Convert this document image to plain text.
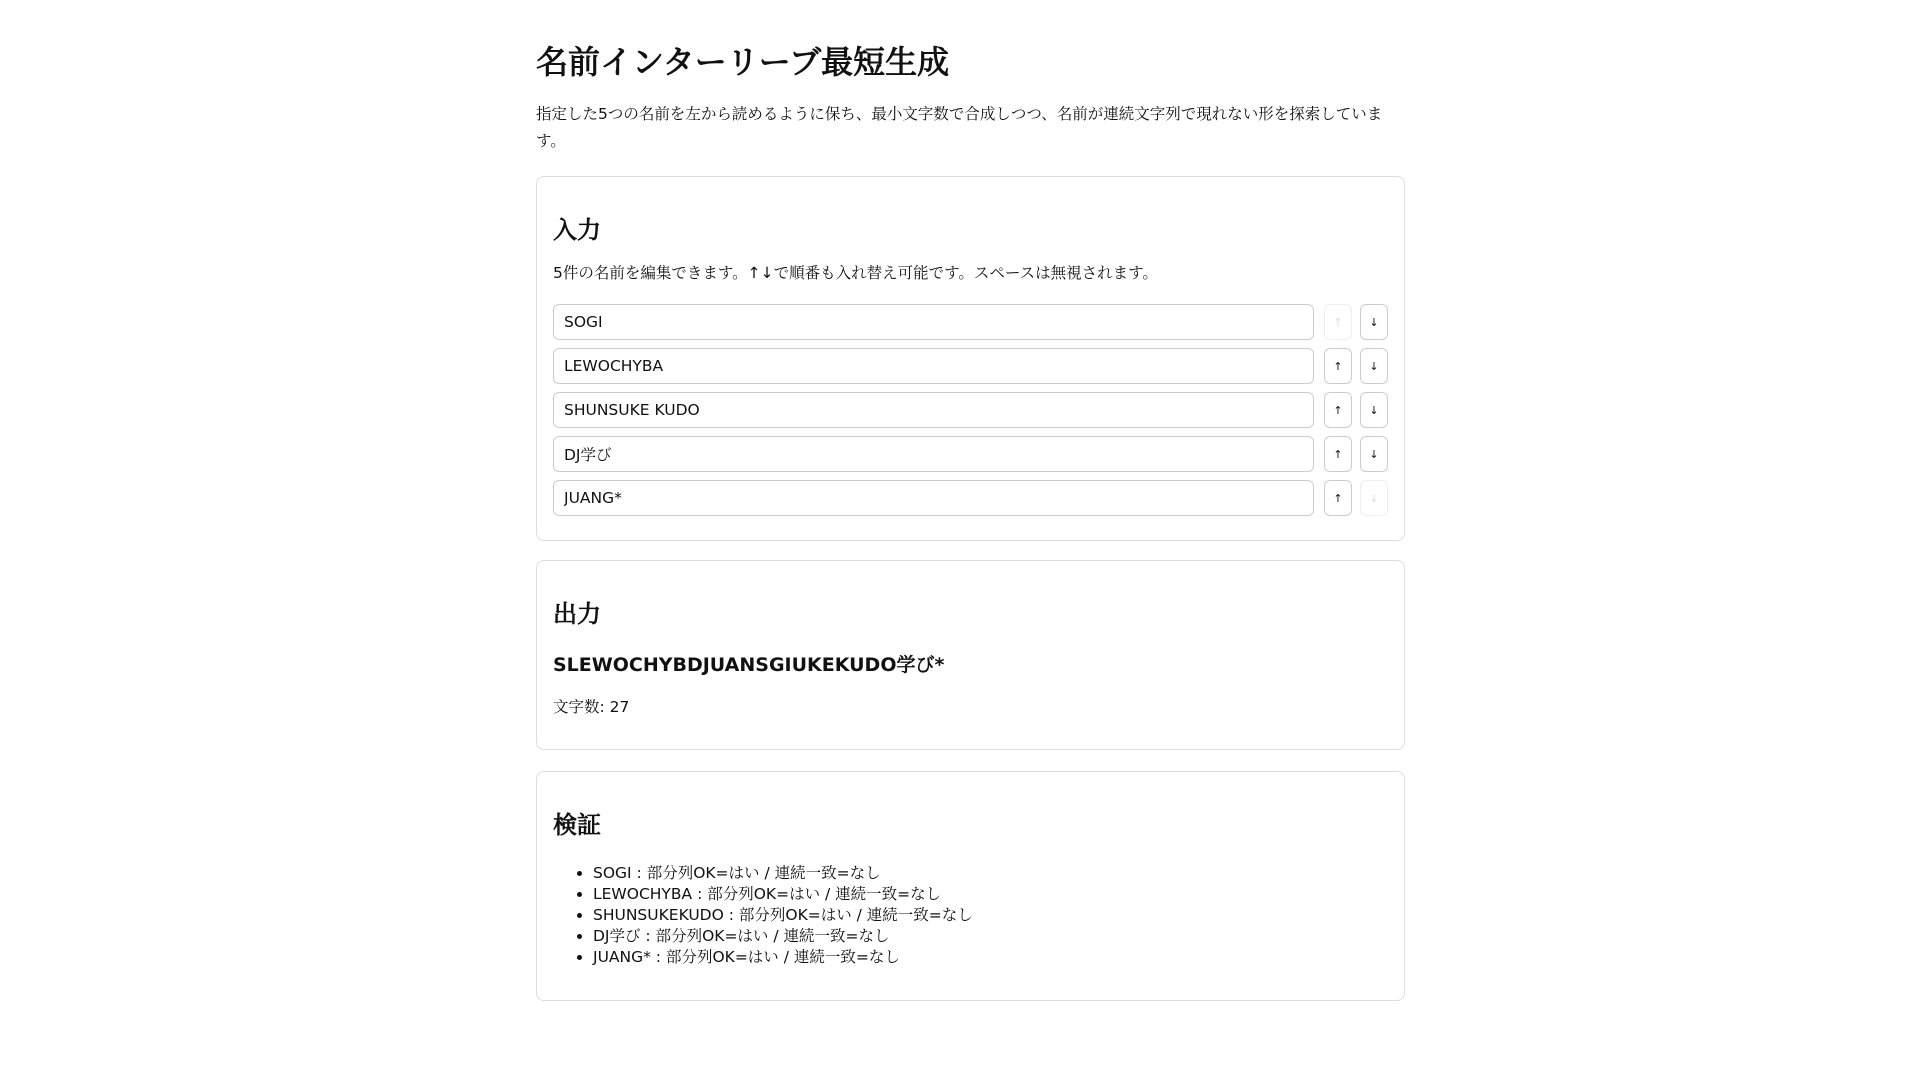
名前インターリーブ最短生成

指定した5つの名前を左から読めるように保ち、最小文字数で合成しつつ、名前が連続文字列で現れない形を探索しています。

入力

5件の名前を編集できます。↑↓で順番も入れ替え可能です。スペースは無視されます。

SOGI
↑	↓
LEWOCHYBA
↑	↓
SHUNSUKE KUDO
↑	↓
DJ学び
↑	↓
JUANG*
↑	↓
出力

SLEWOCHYBDJUANSGIUKEKUDO学び*

文字数: 27

検証
• SOGI : 部分列OK=はい / 連続一致=なし
• LEWOCHYBA : 部分列OK=はい / 連続一致=なし
• SHUNSUKEKUDO : 部分列OK=はい / 連続一致=なし
• DJ学び : 部分列OK=はい / 連続一致=なし
• JUANG* : 部分列OK=はい / 連続一致=なし
